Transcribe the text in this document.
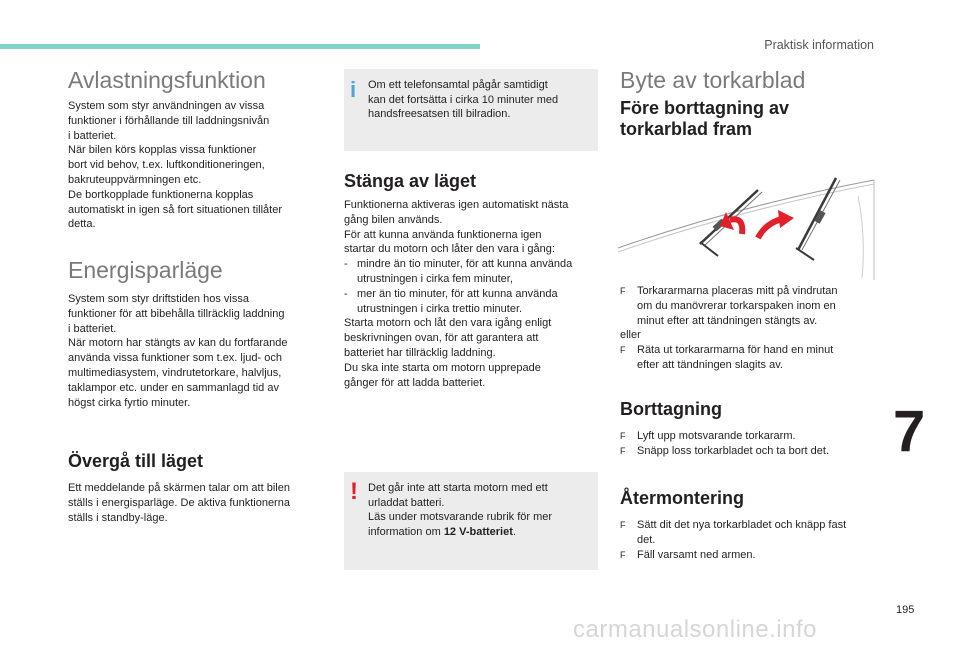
Praktisk information
Avlastningsfunktion
System som styr användningen av vissa
funktioner i förhållande till laddningsnivån
i batteriet.
När bilen körs kopplas vissa funktioner
bort vid behov, t.ex. luftkonditioneringen,
bakruteuppvärmningen etc.
De bortkopplade funktionerna kopplas
automatiskt in igen så fort situationen tillåter
detta.
Energisparläge
System som styr driftstiden hos vissa
funktioner för att bibehålla tillräcklig laddning
i batteriet.
När motorn har stängts av kan du fortfarande
använda vissa funktioner som t.ex. ljud- och
multimediasystem, vindrutetorkare, halvljus,
taklampor etc. under en sammanlagd tid av
högst cirka fyrtio minuter.
Övergå till läget
Ett meddelande på skärmen talar om att bilen
ställs i energisparläge. De aktiva funktionerna
ställs i standby-läge.
i Om ett telefonsamtal pågår samtidigt
kan det fortsätta i cirka 10 minuter med
handsfreesatsen till bilradion.
Stänga av läget
Funktionerna aktiveras igen automatiskt nästa
gång bilen används.
För att kunna använda funktionerna igen
startar du motorn och låter den vara i gång:
- mindre än tio minuter, för att kunna använda
utrustningen i cirka fem minuter,
- mer än tio minuter, för att kunna använda
utrustningen i cirka trettio minuter.
Starta motorn och låt den vara igång enligt
beskrivningen ovan, för att garantera att
batteriet har tillräcklig laddning.
Du ska inte starta om motorn upprepade
gånger för att ladda batteriet.
! Det går inte att starta motorn med ett
urladdat batteri.
Läs under motsvarande rubrik för mer
information om 12 V-batteriet.
Byte av torkarblad
Före borttagning av
torkarblad fram
F	Torkararmarna placeras mitt på vindrutan
om du manövrerar torkarspaken inom en
minut efter att tändningen stängts av.
eller
F	Räta ut torkararmarna för hand en minut
efter att tändningen slagits av.
Borttagning
F	Lyft upp motsvarande torkararm.
F	Snäpp loss torkarbladet och ta bort det.
Återmontering
F	Sätt dit det nya torkarbladet och knäpp fast
det.
F	Fäll varsamt ned armen.
7
195
carmanualsonline.info
